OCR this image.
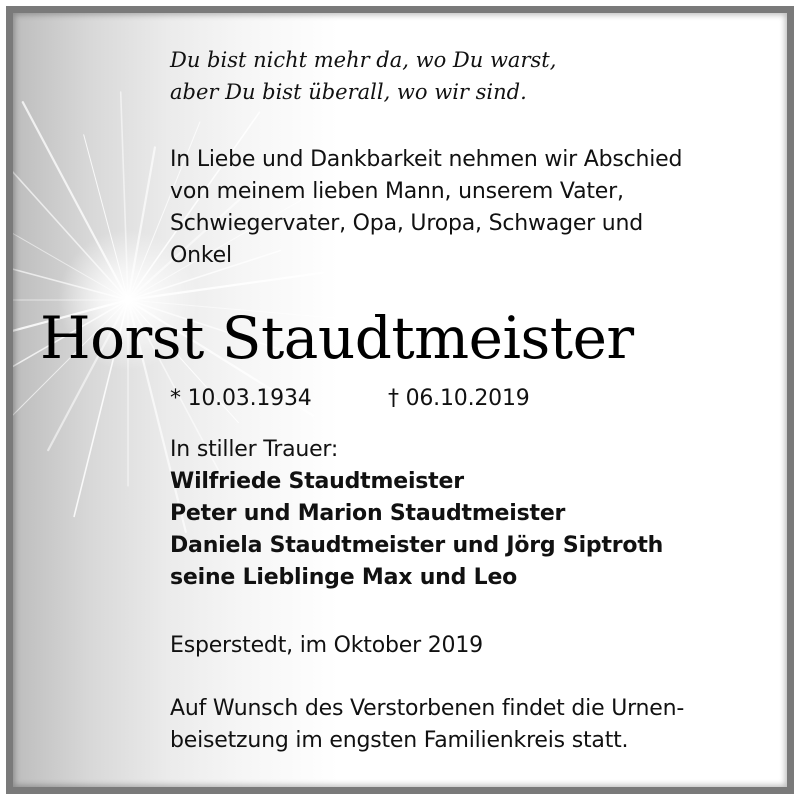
Du bist nicht mehr da, wo Du warst,
aber Du bist überall, wo wir sind.
In Liebe und Dankbarkeit nehmen wir Abschied
von meinem lieben Mann, unserem Vater,
Schwiegervater, Opa, Uropa, Schwager und
Onkel
Horst Staudtmeister
* 10.03.1934	† 06.10.2019
In stiller Trauer:
Wilfriede Staudtmeister
Peter und Marion Staudtmeister
Daniela Staudtmeister und Jörg Siptroth
seine Lieblinge Max und Leo
Esperstedt, im Oktober 2019
Auf Wunsch des Verstorbenen findet die Urnen-
beisetzung im engsten Familienkreis statt.
